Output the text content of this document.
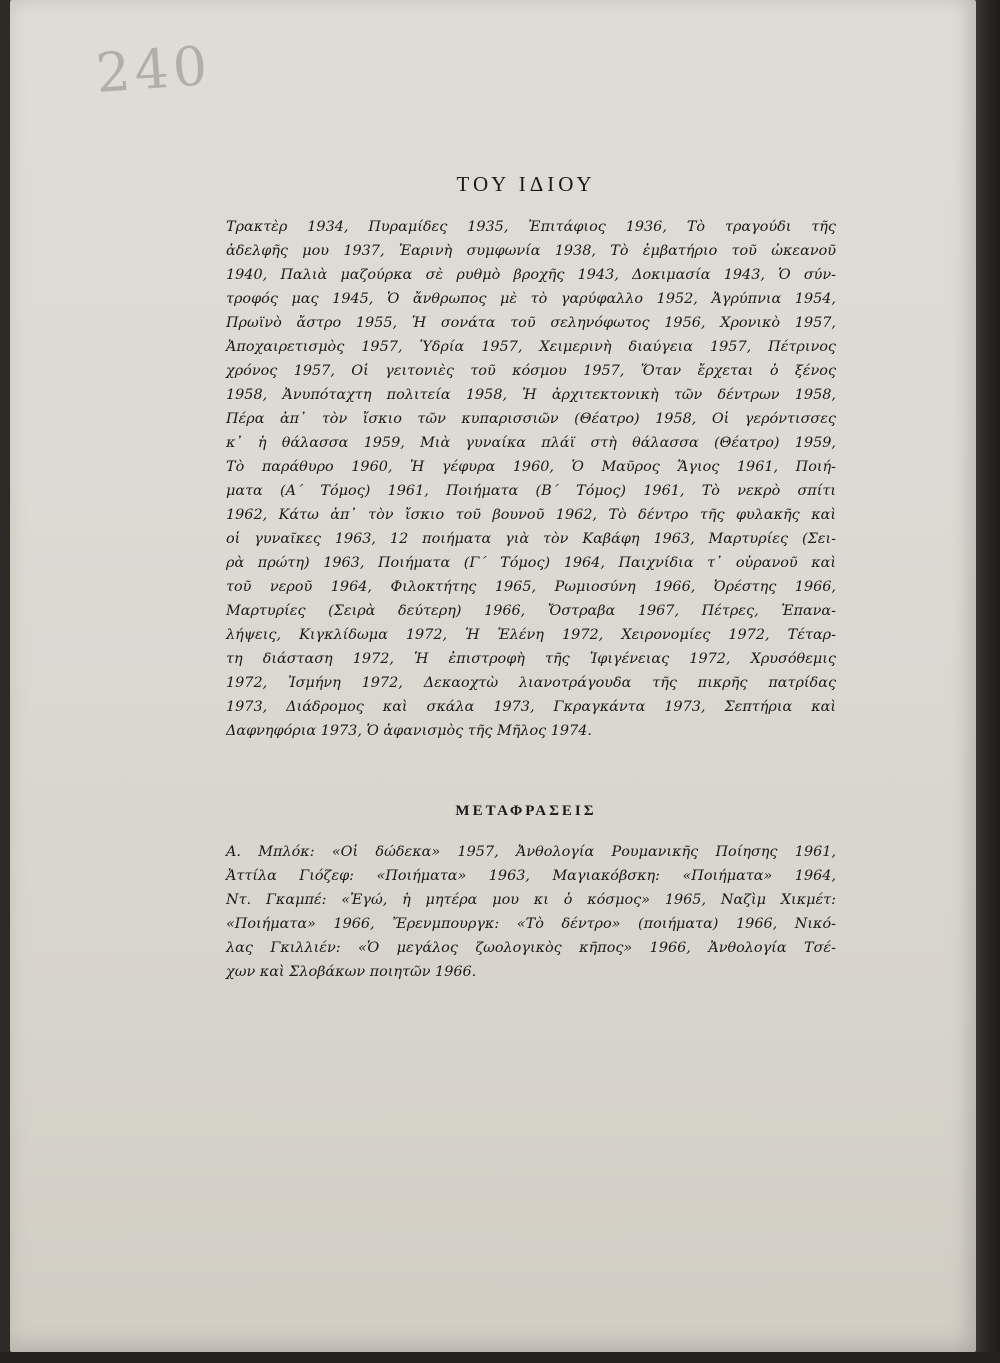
240
ΤΟΥ ΙΔΙΟΥ
Τρακτὲρ 1934, Πυραμίδες 1935, Ἐπιτάφιος 1936, Τὸ τραγούδι τῆς
ἀδελφῆς μου 1937, Ἐαρινὴ συμφωνία 1938, Τὸ ἐμβατήριο τοῦ ὠκεανοῦ
1940, Παλιὰ μαζούρκα σὲ ρυθμὸ βροχῆς 1943, Δοκιμασία 1943, Ὁ σύν-
τροφός μας 1945, Ὁ ἄνθρωπος μὲ τὸ γαρύφαλλο 1952, Ἀγρύπνια 1954,
Πρωϊνὸ ἄστρο 1955, Ἡ σονάτα τοῦ σεληνόφωτος 1956, Χρονικὸ 1957,
Ἀποχαιρετισμὸς 1957, Ὑδρία 1957, Χειμερινὴ διαύγεια 1957, Πέτρινος
χρόνος 1957, Οἱ γειτονιὲς τοῦ κόσμου 1957, Ὅταν ἔρχεται ὁ ξένος
1958, Ἀνυπόταχτη πολιτεία 1958, Ἡ ἀρχιτεκτονικὴ τῶν δέντρων 1958,
Πέρα ἀπ᾿ τὸν ἴσκιο τῶν κυπαρισσιῶν (Θέατρο) 1958, Οἱ γερόντισσες
κ᾿ ἡ θάλασσα 1959, Μιὰ γυναίκα πλάϊ στὴ θάλασσα (Θέατρο) 1959,
Τὸ παράθυρο 1960, Ἡ γέφυρα 1960, Ὁ Μαῦρος Ἅγιος 1961, Ποιή-
ματα (Α΄ Τόμος) 1961, Ποιήματα (Β΄ Τόμος) 1961, Τὸ νεκρὸ σπίτι
1962, Κάτω ἀπ᾿ τὸν ἴσκιο τοῦ βουνοῦ 1962, Τὸ δέντρο τῆς φυλακῆς καὶ
οἱ γυναῖκες 1963, 12 ποιήματα γιὰ τὸν Καβάφη 1963, Μαρτυρίες (Σει-
ρὰ πρώτη) 1963, Ποιήματα (Γ΄ Τόμος) 1964, Παιχνίδια τ᾿ οὐρανοῦ καὶ
τοῦ νεροῦ 1964, Φιλοκτήτης 1965, Ρωμιοσύνη 1966, Ὀρέστης 1966,
Μαρτυρίες (Σειρὰ δεύτερη) 1966, Ὄστραβα 1967, Πέτρες, Ἐπανα-
λήψεις, Κιγκλίδωμα 1972, Ἡ Ἑλένη 1972, Χειρονομίες 1972, Τέταρ-
τη διάσταση 1972, Ἡ ἐπιστροφὴ τῆς Ἰφιγένειας 1972, Χρυσόθεμις
1972, Ἰσμήνη 1972, Δεκαοχτὼ λιανοτράγουδα τῆς πικρῆς πατρίδας
1973, Διάδρομος καὶ σκάλα 1973, Γκραγκάντα 1973, Σεπτήρια καὶ
Δαφνηφόρια 1973, Ὁ ἀφανισμὸς τῆς Μῆλος 1974.
ΜΕΤΑΦΡΑΣΕΙΣ
Α. Μπλόκ: «Οἱ δώδεκα» 1957, Ἀνθολογία Ρουμανικῆς Ποίησης 1961,
Ἀττίλα Γιόζεφ: «Ποιήματα» 1963, Μαγιακόβσκη: «Ποιήματα» 1964,
Ντ. Γκαμπέ: «Ἐγώ, ἡ μητέρα μου κι ὁ κόσμος» 1965, Ναζὶμ Χικμέτ:
«Ποιήματα» 1966, Ἔρενμπουργκ: «Τὸ δέντρο» (ποιήματα) 1966, Νικό-
λας Γκιλλιέν: «Ὁ μεγάλος ζωολογικὸς κῆπος» 1966, Ἀνθολογία Τσέ-
χων καὶ Σλοβάκων ποιητῶν 1966.
